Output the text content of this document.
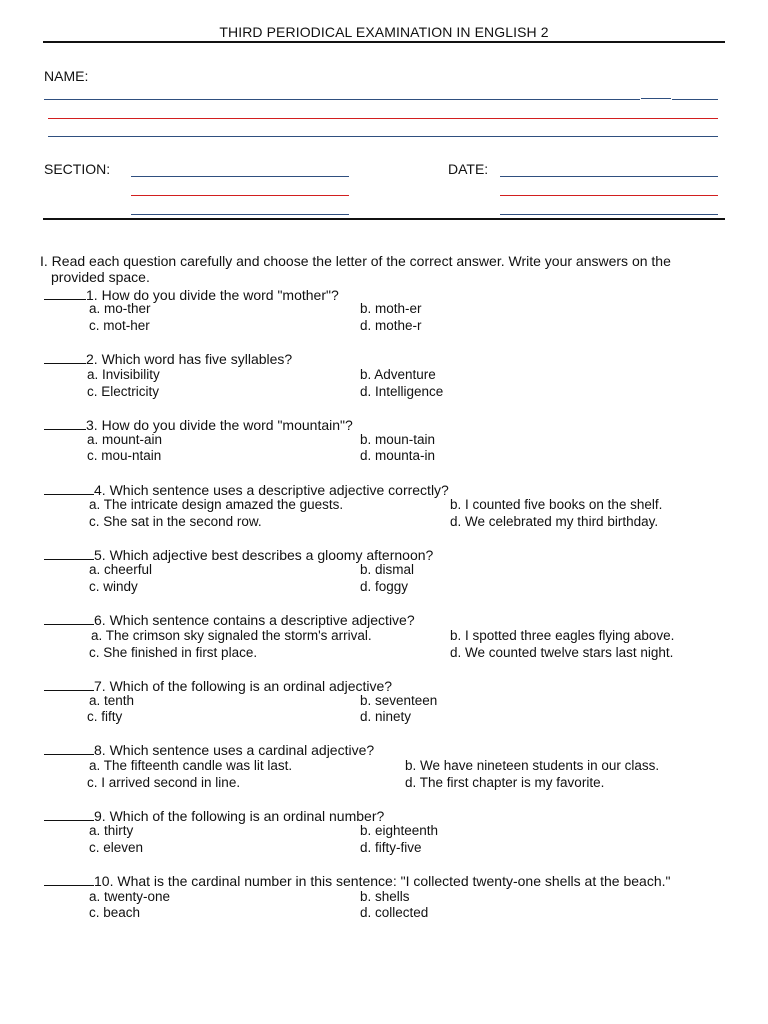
THIRD PERIODICAL EXAMINATION IN ENGLISH 2
NAME:
SECTION:	DATE:
I. Read each question carefully and choose the letter of the correct answer. Write your answers on the
provided space.
1. How do you divide the word "mother"?
a. mo-ther	b. moth-er
c. mot-her	d. mothe-r
2. Which word has five syllables?
a. Invisibility	b. Adventure
c. Electricity	d. Intelligence
3. How do you divide the word "mountain"?
a. mount-ain	b. moun-tain
c. mou-ntain	d. mounta-in
4. Which sentence uses a descriptive adjective correctly?
a. The intricate design amazed the guests.	b. I counted five books on the shelf.
c. She sat in the second row.	d. We celebrated my third birthday.
5. Which adjective best describes a gloomy afternoon?
a. cheerful	b. dismal
c. windy	d. foggy
6. Which sentence contains a descriptive adjective?
a. The crimson sky signaled the storm's arrival.	b. I spotted three eagles flying above.
c. She finished in first place.	d. We counted twelve stars last night.
7. Which of the following is an ordinal adjective?
a. tenth	b. seventeen
c. fifty	d. ninety
8. Which sentence uses a cardinal adjective?
a. The fifteenth candle was lit last.	b. We have nineteen students in our class.
c. I arrived second in line.	d. The first chapter is my favorite.
9. Which of the following is an ordinal number?
a. thirty	b. eighteenth
c. eleven	d. fifty-five
10. What is the cardinal number in this sentence: "I collected twenty-one shells at the beach."
a. twenty-one	b. shells
c. beach	d. collected
